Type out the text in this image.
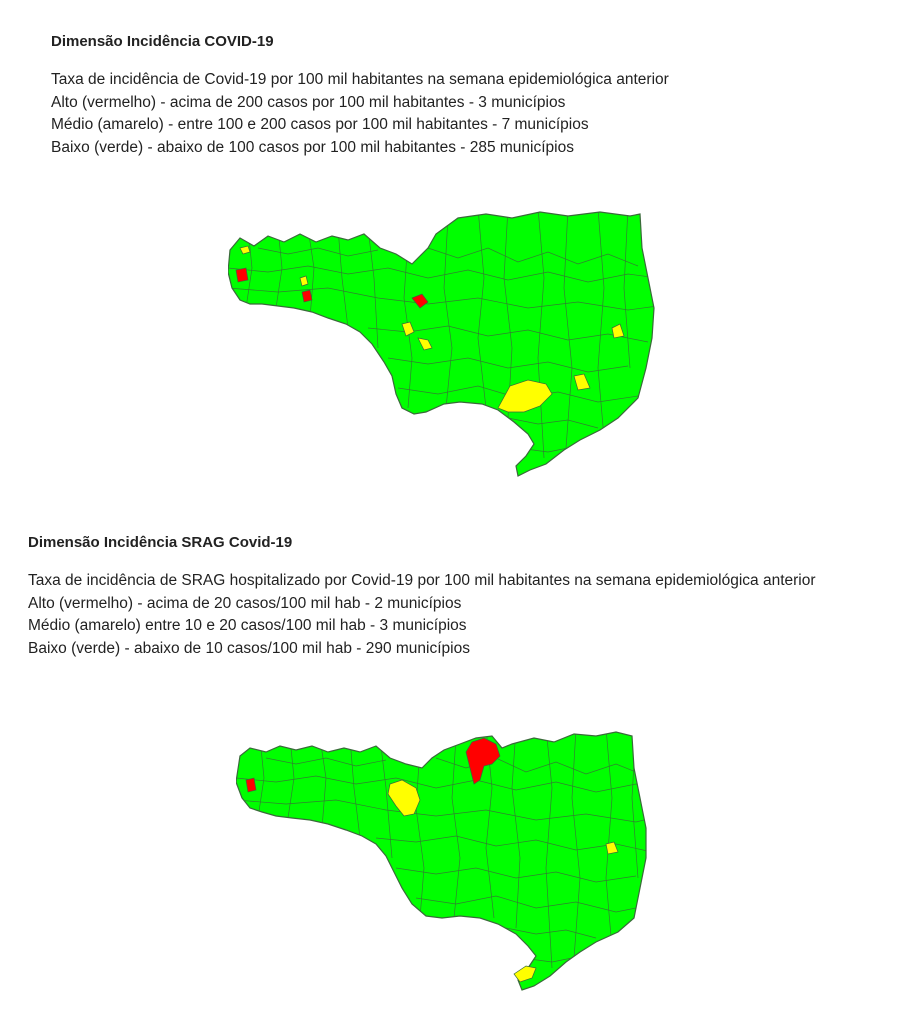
Dimensão Incidência COVID-19
Taxa de incidência de Covid-19 por 100 mil habitantes na semana epidemiológica anterior
Alto (vermelho) - acima de 200 casos por 100 mil habitantes - 3 municípios
Médio (amarelo) - entre 100 e 200 casos por 100 mil habitantes - 7 municípios
Baixo (verde) - abaixo de 100 casos por 100 mil habitantes - 285 municípios
Dimensão Incidência SRAG Covid-19
Taxa de incidência de SRAG hospitalizado por Covid-19 por 100 mil habitantes na semana epidemiológica anterior
Alto (vermelho) - acima de 20 casos/100 mil hab - 2 municípios
Médio (amarelo) entre 10 e 20 casos/100 mil hab - 3 municípios
Baixo (verde) - abaixo de 10 casos/100 mil hab - 290 municípios
